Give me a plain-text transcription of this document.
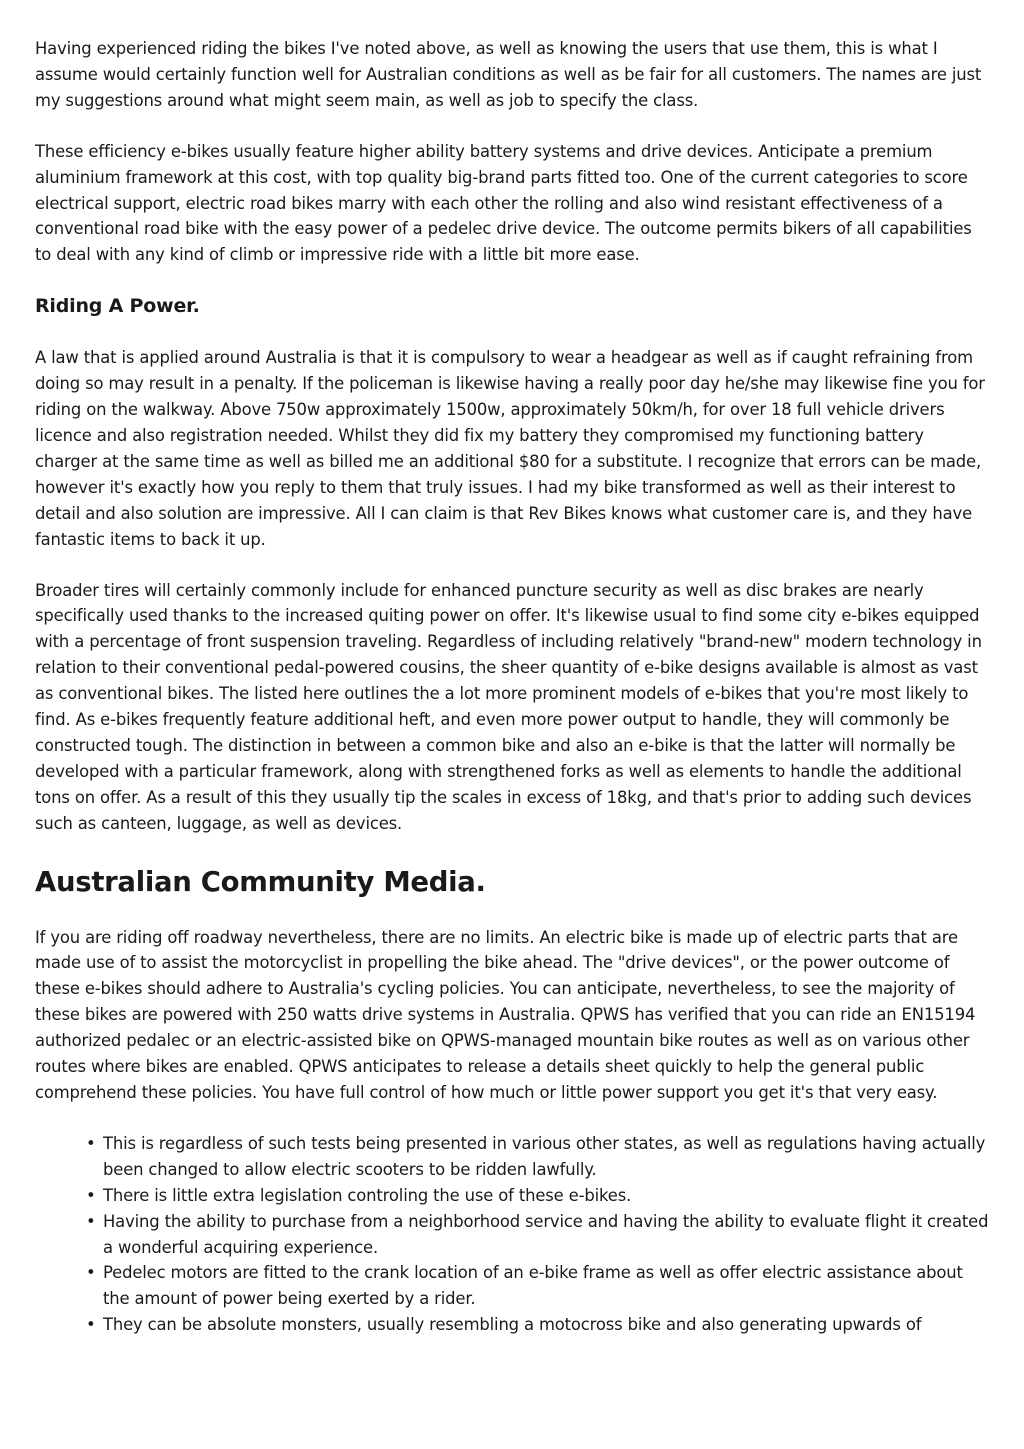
Having experienced riding the bikes I've noted above, as well as knowing the users that use them, this is what I assume would certainly function well for Australian conditions as well as be fair for all customers. The names are just my suggestions around what might seem main, as well as job to specify the class.

These efficiency e-bikes usually feature higher ability battery systems and drive devices. Anticipate a premium aluminium framework at this cost, with top quality big-brand parts fitted too. One of the current categories to score electrical support, electric road bikes marry with each other the rolling and also wind resistant effectiveness of a conventional road bike with the easy power of a pedelec drive device. The outcome permits bikers of all capabilities to deal with any kind of climb or impressive ride with a little bit more ease.

Riding A Power.

A law that is applied around Australia is that it is compulsory to wear a headgear as well as if caught refraining from doing so may result in a penalty. If the policeman is likewise having a really poor day he/she may likewise fine you for riding on the walkway. Above 750w approximately 1500w, approximately 50km/h, for over 18 full vehicle drivers licence and also registration needed. Whilst they did fix my battery they compromised my functioning battery charger at the same time as well as billed me an additional $80 for a substitute. I recognize that errors can be made, however it's exactly how you reply to them that truly issues. I had my bike transformed as well as their interest to detail and also solution are impressive. All I can claim is that Rev Bikes knows what customer care is, and they have fantastic items to back it up.

Broader tires will certainly commonly include for enhanced puncture security as well as disc brakes are nearly specifically used thanks to the increased quiting power on offer. It's likewise usual to find some city e-bikes equipped with a percentage of front suspension traveling. Regardless of including relatively "brand-new" modern technology in relation to their conventional pedal-powered cousins, the sheer quantity of e-bike designs available is almost as vast as conventional bikes. The listed here outlines the a lot more prominent models of e-bikes that you're most likely to find. As e-bikes frequently feature additional heft, and even more power output to handle, they will commonly be constructed tough. The distinction in between a common bike and also an e-bike is that the latter will normally be developed with a particular framework, along with strengthened forks as well as elements to handle the additional tons on offer. As a result of this they usually tip the scales in excess of 18kg, and that's prior to adding such devices such as canteen, luggage, as well as devices.

Australian Community Media.

If you are riding off roadway nevertheless, there are no limits. An electric bike is made up of electric parts that are made use of to assist the motorcyclist in propelling the bike ahead. The "drive devices", or the power outcome of these e-bikes should adhere to Australia's cycling policies. You can anticipate, nevertheless, to see the majority of these bikes are powered with 250 watts drive systems in Australia. QPWS has verified that you can ride an EN15194 authorized pedalec or an electric-assisted bike on QPWS-managed mountain bike routes as well as on various other routes where bikes are enabled. QPWS anticipates to release a details sheet quickly to help the general public comprehend these policies. You have full control of how much or little power support you get it's that very easy.

• This is regardless of such tests being presented in various other states, as well as regulations having actually been changed to allow electric scooters to be ridden lawfully.
• There is little extra legislation controling the use of these e-bikes.
• Having the ability to purchase from a neighborhood service and having the ability to evaluate flight it created a wonderful acquiring experience.
• Pedelec motors are fitted to the crank location of an e-bike frame as well as offer electric assistance about the amount of power being exerted by a rider.
• They can be absolute monsters, usually resembling a motocross bike and also generating upwards of
